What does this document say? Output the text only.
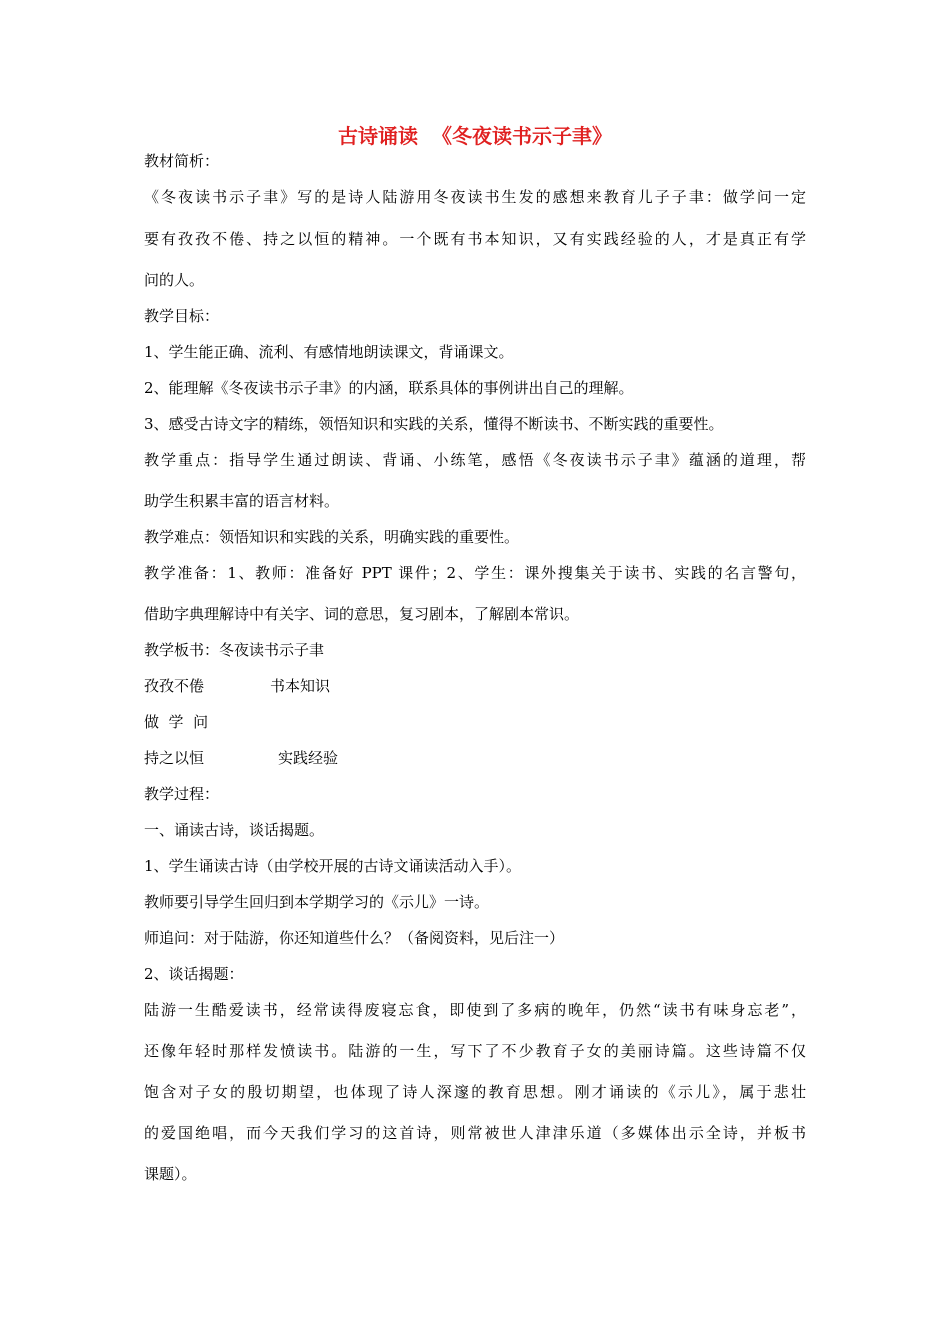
古诗诵读  《冬夜读书示子聿》
教材简析：
《冬夜读书示子聿》写的是诗人陆游用冬夜读书生发的感想来教育儿子子聿：做学问一定
要有孜孜不倦、持之以恒的精神。一个既有书本知识，又有实践经验的人，才是真正有学
问的人。
教学目标：
1、学生能正确、流利、有感情地朗读课文，背诵课文。
2、能理解《冬夜读书示子聿》的内涵，联系具体的事例讲出自己的理解。
3、感受古诗文字的精练，领悟知识和实践的关系，懂得不断读书、不断实践的重要性。
教学重点：指导学生通过朗读、背诵、小练笔，感悟《冬夜读书示子聿》蕴涵的道理，帮
助学生积累丰富的语言材料。
教学难点：领悟知识和实践的关系，明确实践的重要性。
教学准备：1、教师：准备好 PPT 课件；2、学生：课外搜集关于读书、实践的名言警句，
借助字典理解诗中有关字、词的意思，复习剧本，了解剧本常识。
教学板书：冬夜读书示子聿
孜孜不倦	书本知识
做  学  问
持之以恒	实践经验
教学过程：
一、诵读古诗，谈话揭题。
1、学生诵读古诗（由学校开展的古诗文诵读活动入手）。
教师要引导学生回归到本学期学习的《示儿》一诗。
师追问：对于陆游，你还知道些什么？（备阅资料，见后注一）
2、谈话揭题：
陆游一生酷爱读书，经常读得废寝忘食，即使到了多病的晚年，仍然“读书有味身忘老”，
还像年轻时那样发愤读书。陆游的一生，写下了不少教育子女的美丽诗篇。这些诗篇不仅
饱含对子女的殷切期望，也体现了诗人深邃的教育思想。刚才诵读的《示儿》，属于悲壮
的爱国绝唱，而今天我们学习的这首诗，则常被世人津津乐道（多媒体出示全诗，并板书
课题）。
